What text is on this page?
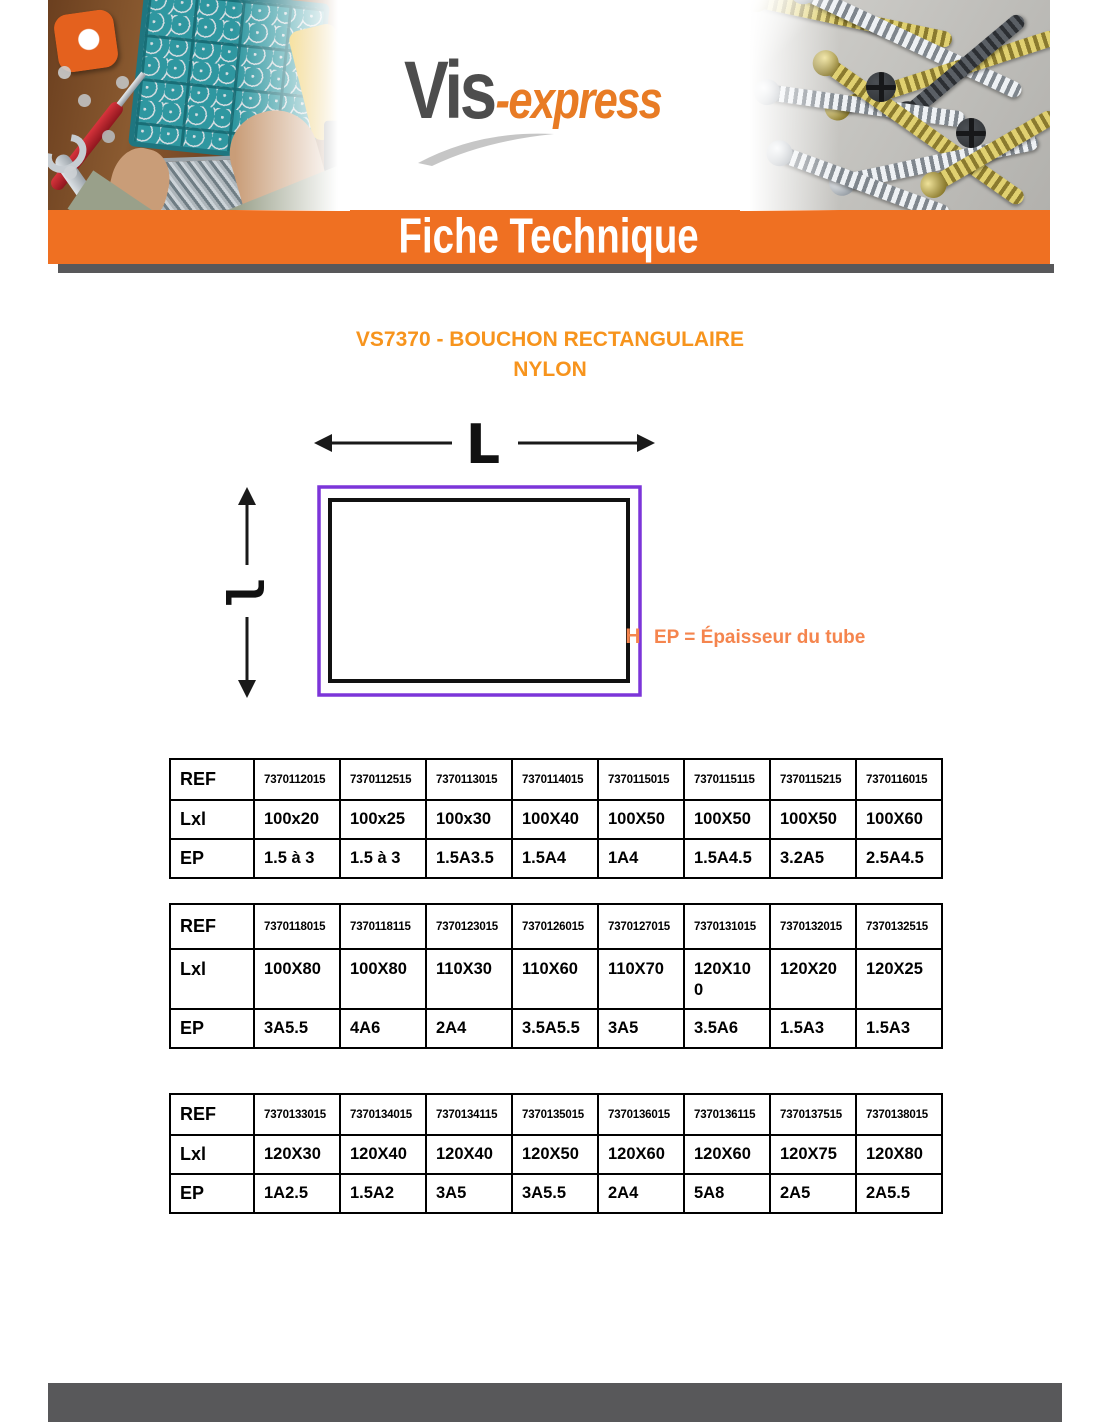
Vis -express
Fiche Technique
VS7370 - BOUCHON RECTANGULAIRE
NYLON
L
l
H EP = Épaisseur du tube
REF	7370112015	7370112515	7370113015	7370114015	7370115015	7370115115	7370115215	7370116015
Lxl	100x20	100x25	100x30	100X40	100X50	100X50	100X50	100X60
EP	1.5 à 3	1.5 à 3	1.5A3.5	1.5A4	1A4	1.5A4.5	3.2A5	2.5A4.5
REF	7370118015	7370118115	7370123015	7370126015	7370127015	7370131015	7370132015	7370132515
Lxl	100X80	100X80	110X30	110X60	110X70	120X100	120X20	120X25
EP	3A5.5	4A6	2A4	3.5A5.5	3A5	3.5A6	1.5A3	1.5A3
REF	7370133015	7370134015	7370134115	7370135015	7370136015	7370136115	7370137515	7370138015
Lxl	120X30	120X40	120X40	120X50	120X60	120X60	120X75	120X80
EP	1A2.5	1.5A2	3A5	3A5.5	2A4	5A8	2A5	2A5.5
